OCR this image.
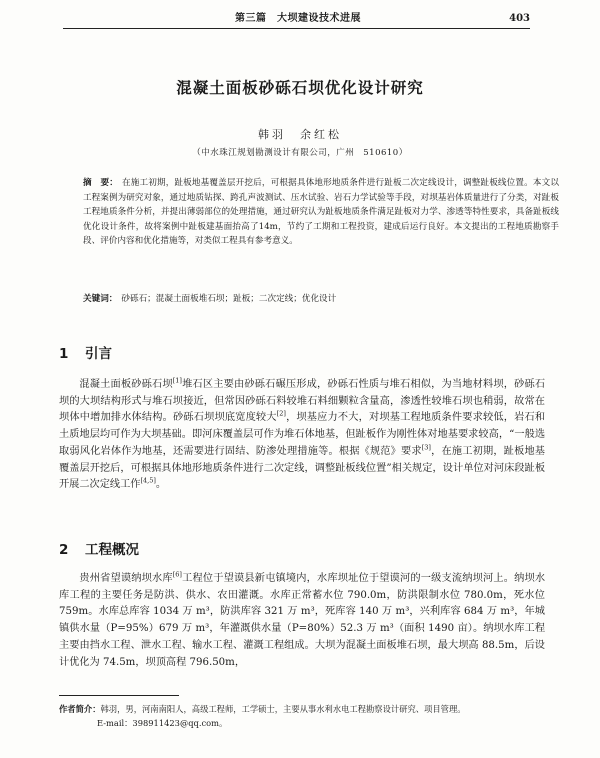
第三篇　大坝建设技术进展	403
混凝土面板砂砾石坝优化设计研究
韩羽　余红松
（中水珠江规划勘测设计有限公司，广州　510610）
摘　要： 在施工初期，趾板地基覆盖层开挖后，可根据具体地形地质条件进行趾板二次定线设计，调整趾板线位置。本文以工程案例为研究对象，通过地质钻探、跨孔声波测试、压水试验、岩石力学试验等手段，对坝基岩体质量进行了分类，对趾板工程地质条件分析，并提出薄弱部位的处理措施，通过研究认为趾板地质条件满足趾板对力学、渗透等特性要求，具备趾板线优化设计条件，故将案例中趾板建基面抬高了14m，节约了工期和工程投资，建成后运行良好。本文提出的工程地质勘察手段、评价内容和优化措施等，对类似工程具有参考意义。
关键词： 砂砾石；混凝土面板堆石坝；趾板；二次定线；优化设计
1 引言
混凝土面板砂砾石坝[1]堆石区主要由砂砾石碾压形成，砂砾石性质与堆石相似，为当地材料坝，砂砾石坝的大坝结构形式与堆石坝接近，但常因砂砾石料较堆石料细颗粒含量高，渗透性较堆石坝也稍弱，故常在坝体中增加排水体结构。砂砾石坝坝底宽度较大[2]，坝基应力不大，对坝基工程地质条件要求较低，岩石和土质地层均可作为大坝基础。即河床覆盖层可作为堆石体地基，但趾板作为刚性体对地基要求较高，“一般选取弱风化岩体作为地基，还需要进行固结、防渗处理措施等。根据《规范》要求[3]，在施工初期，趾板地基覆盖层开挖后，可根据具体地形地质条件进行二次定线，调整趾板线位置”相关规定，设计单位对河床段趾板开展二次定线工作[4,5]。
2 工程概况
贵州省望谟纳坝水库[6]工程位于望谟县新屯镇境内，水库坝址位于望谟河的一级支流纳坝河上。纳坝水库工程的主要任务是防洪、供水、农田灌溉。水库正常蓄水位 790.0m，防洪限制水位 780.0m，死水位 759m。水库总库容 1034 万 m³，防洪库容 321 万 m³，死库容 140 万 m³，兴利库容 684 万 m³，年城镇供水量（P=95%）679 万 m³，年灌溉供水量（P=80%）52.3 万 m³（面积 1490 亩）。纳坝水库工程主要由挡水工程、泄水工程、输水工程、灌溉工程组成。大坝为混凝土面板堆石坝，最大坝高 88.5m，后设计优化为 74.5m，坝顶高程 796.50m，
作者简介：韩羽，男，河南南阳人，高级工程师，工学硕士，主要从事水利水电工程勘察设计研究、项目管理。
E-mail：398911423@qq.com。
